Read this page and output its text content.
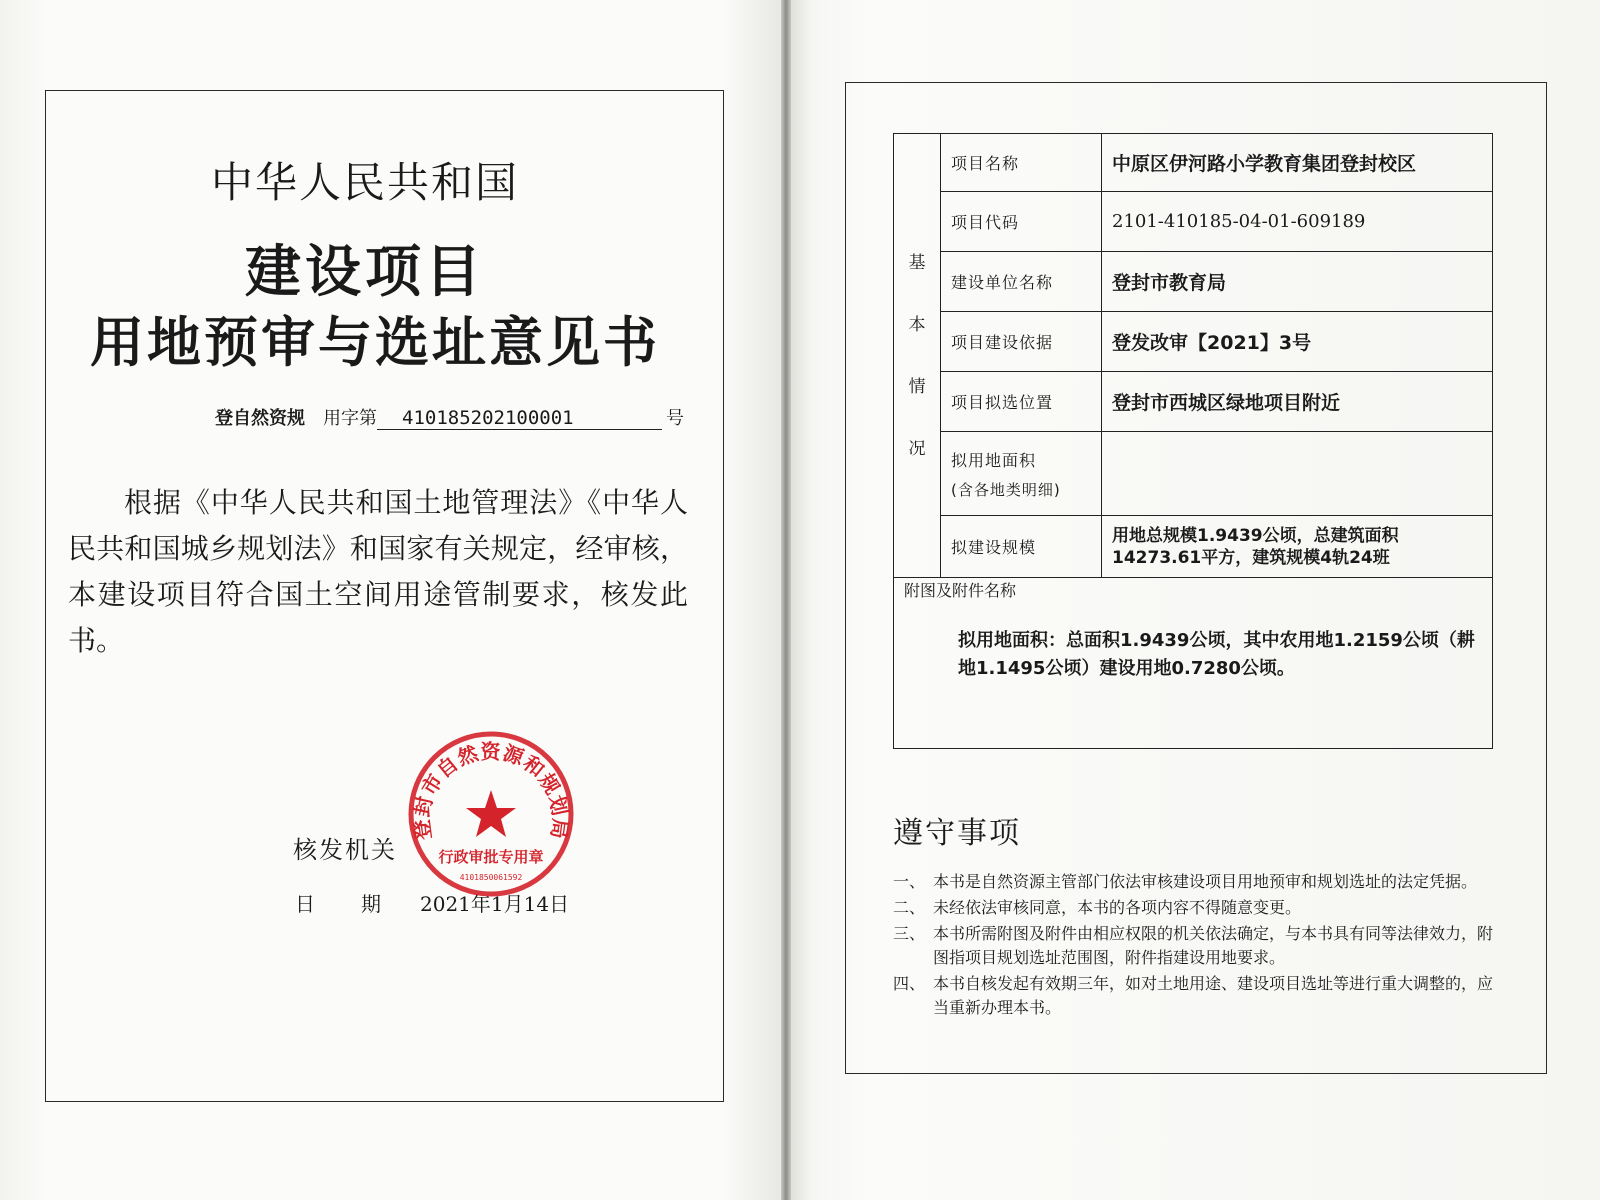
中华人民共和国
建设项目
用地预审与选址意见书
登自然资规 用字第 410185202100001	号
根据《中华人民共和国土地管理法》《中华人民共和国城乡规划法》和国家有关规定，经审核，本建设项目符合国土空间用途管制要求，核发此书。
核发机关
日期
2021年1月14日
登封市自然资源和规划局
行政审批专用章
4101850061592
基
本
情
况	项目名称	中原区伊河路小学教育集团登封校区
	项目代码	2101-410185-04-01-609189
	建设单位名称	登封市教育局
	项目建设依据	登发改审【2021】3号
	项目拟选位置	登封市西城区绿地项目附近

	拟用地面积
(含各地类明细)	

	拟建设规模	用地总规模1.9439公顷，总建筑面积14273.61平方，建筑规模4轨24班

附图及附件名称
拟用地面积：总面积1.9439公顷，其中农用地1.2159公顷（耕地1.1495公顷）建设用地0.7280公顷。		
遵守事项
一、 本书是自然资源主管部门依法审核建设项目用地预审和规划选址的法定凭据。
二、 未经依法审核同意，本书的各项内容不得随意变更。
三、 本书所需附图及附件由相应权限的机关依法确定，与本书具有同等法律效力，附图指项目规划选址范围图，附件指建设用地要求。
四、 本书自核发起有效期三年，如对土地用途、建设项目选址等进行重大调整的，应当重新办理本书。
